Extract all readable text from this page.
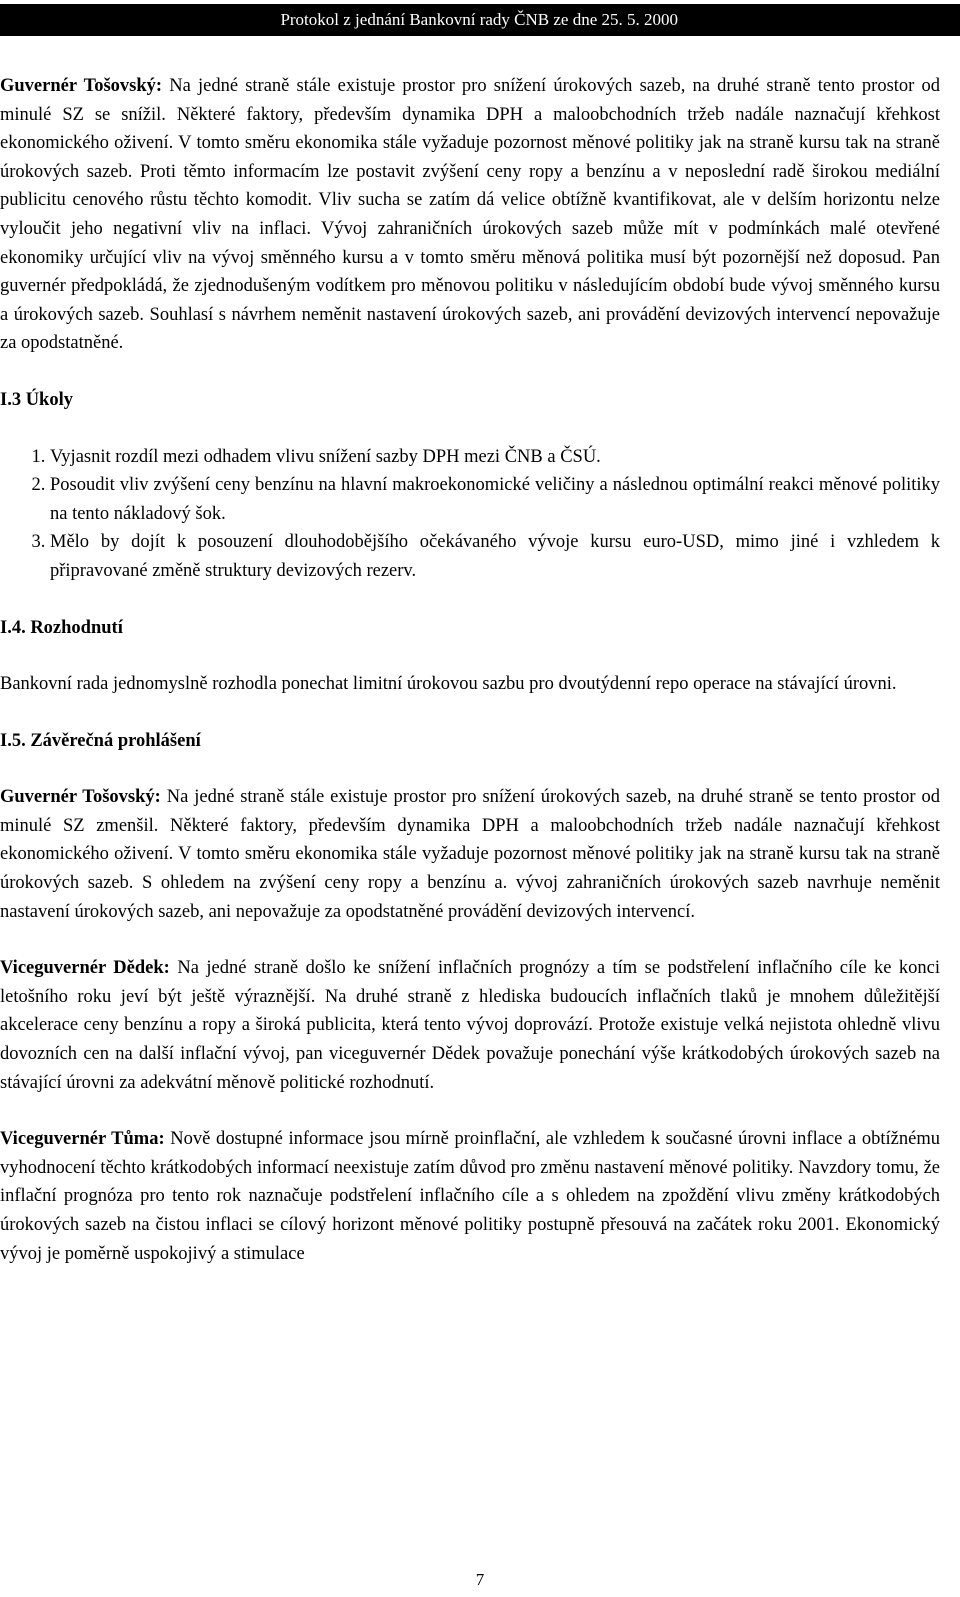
Protokol z jednání Bankovní rady ČNB ze dne 25. 5. 2000

Guvernér Tošovský: Na jedné straně stále existuje prostor pro snížení úrokových sazeb, na druhé straně tento prostor od minulé SZ se snížil. Některé faktory, především dynamika DPH a maloobchodních tržeb nadále naznačují křehkost ekonomického oživení. V tomto směru ekonomika stále vyžaduje pozornost měnové politiky jak na straně kursu tak na straně úrokových sazeb. Proti těmto informacím lze postavit zvýšení ceny ropy a benzínu a v neposlední radě širokou mediální publicitu cenového růstu těchto komodit. Vliv sucha se zatím dá velice obtížně kvantifikovat, ale v delším horizontu nelze vyloučit jeho negativní vliv na inflaci. Vývoj zahraničních úrokových sazeb může mít v podmínkách malé otevřené ekonomiky určující vliv na vývoj směnného kursu a v tomto směru měnová politika musí být pozornější než doposud. Pan guvernér předpokládá, že zjednodušeným vodítkem pro měnovou politiku v následujícím období bude vývoj směnného kursu a úrokových sazeb. Souhlasí s návrhem neměnit nastavení úrokových sazeb, ani provádění devizových intervencí nepovažuje za opodstatněné.

I.3 Úkoly

1. Vyjasnit rozdíl mezi odhadem vlivu snížení sazby DPH mezi ČNB a ČSÚ.
2. Posoudit vliv zvýšení ceny benzínu na hlavní makroekonomické veličiny a následnou optimální reakci měnové politiky na tento nákladový šok.
3. Mělo by dojít k posouzení dlouhodobějšího očekávaného vývoje kursu euro-USD, mimo jiné i vzhledem k připravované změně struktury devizových rezerv.

I.4. Rozhodnutí

Bankovní rada jednomyslně rozhodla ponechat limitní úrokovou sazbu pro dvoutýdenní repo operace na stávající úrovni.

I.5. Závěrečná prohlášení

Guvernér Tošovský: Na jedné straně stále existuje prostor pro snížení úrokových sazeb, na druhé straně se tento prostor od minulé SZ zmenšil. Některé faktory, především dynamika DPH a maloobchodních tržeb nadále naznačují křehkost ekonomického oživení. V tomto směru ekonomika stále vyžaduje pozornost měnové politiky jak na straně kursu tak na straně úrokových sazeb. S ohledem na zvýšení ceny ropy a benzínu a. vývoj zahraničních úrokových sazeb navrhuje neměnit nastavení úrokových sazeb, ani nepovažuje za opodstatněné provádění devizových intervencí.

Viceguvernér Dědek: Na jedné straně došlo ke snížení inflačních prognózy a tím se podstřelení inflačního cíle ke konci letošního roku jeví být ještě výraznější. Na druhé straně z hlediska budoucích inflačních tlaků je mnohem důležitější akcelerace ceny benzínu a ropy a široká publicita, která tento vývoj doprovází. Protože existuje velká nejistota ohledně vlivu dovozních cen na další inflační vývoj, pan viceguvernér Dědek považuje ponechání výše krátkodobých úrokových sazeb na stávající úrovni za adekvátní měnově politické rozhodnutí.

Viceguvernér Tůma: Nově dostupné informace jsou mírně proinflační, ale vzhledem k současné úrovni inflace a obtížnému vyhodnocení těchto krátkodobých informací neexistuje zatím důvod pro změnu nastavení měnové politiky. Navzdory tomu, že inflační prognóza pro tento rok naznačuje podstřelení inflačního cíle a s ohledem na zpoždění vlivu změny krátkodobých úrokových sazeb na čistou inflaci se cílový horizont měnové politiky postupně přesouvá na začátek roku 2001. Ekonomický vývoj je poměrně uspokojivý a stimulace

7
